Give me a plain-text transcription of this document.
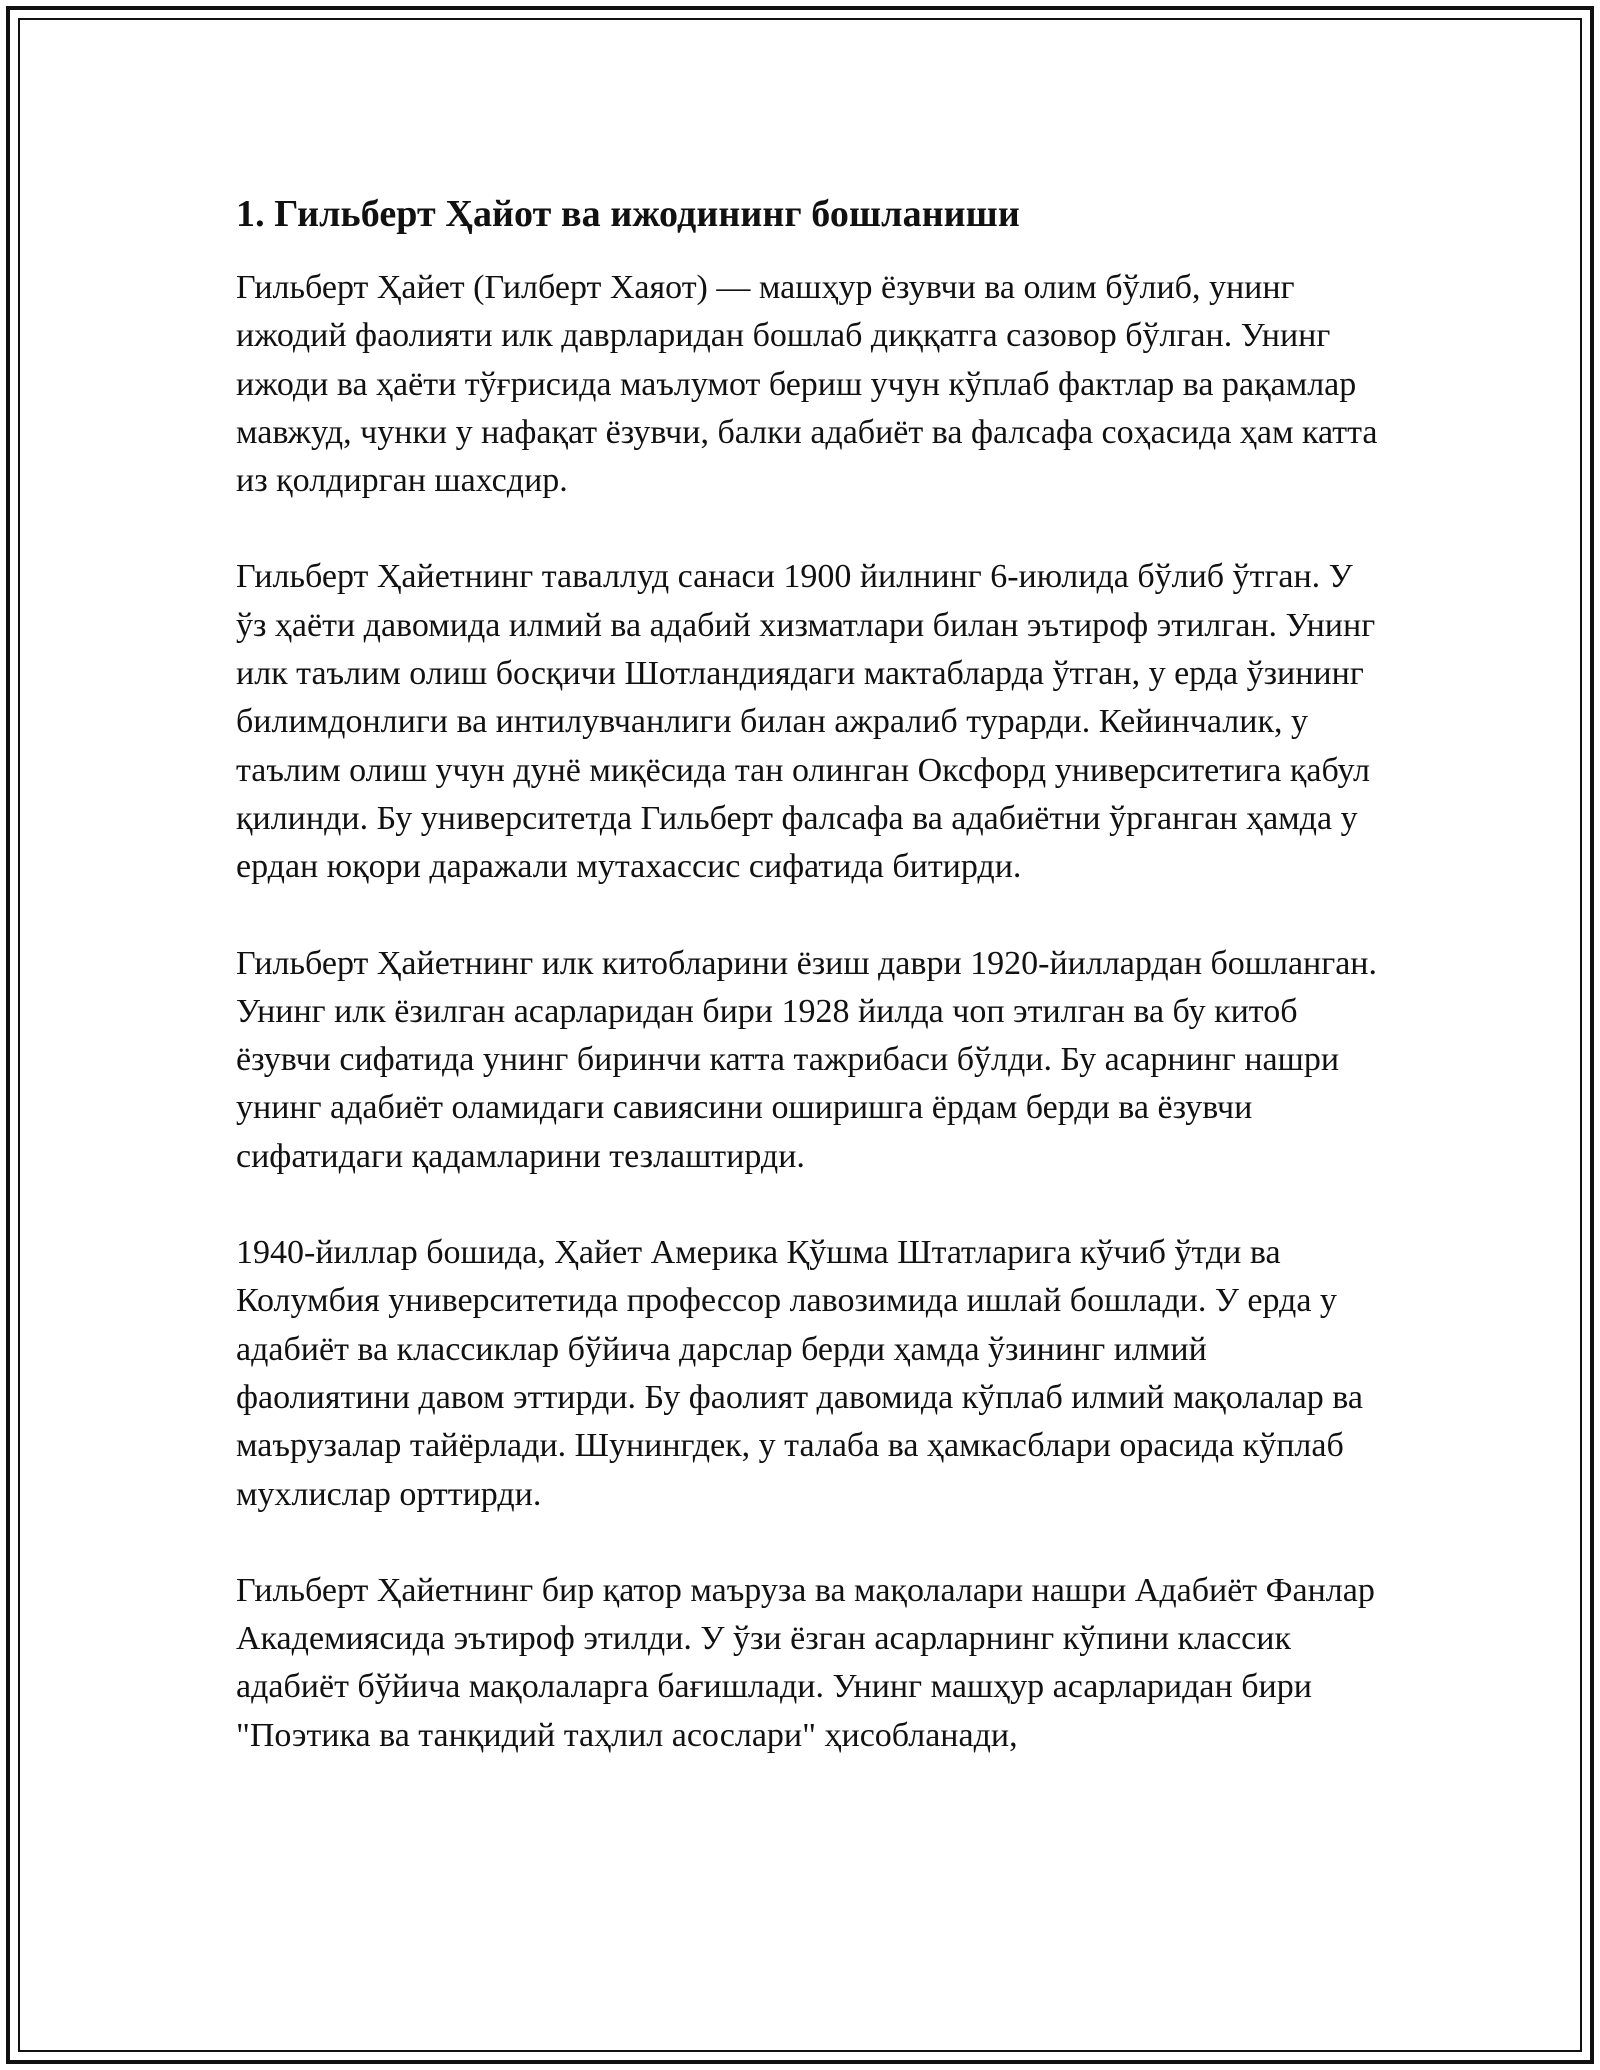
1. Гильберт Ҳайот ва ижодининг бошланиши

Гильберт Ҳайет (Гилберт Хаяот) — машҳур ёзувчи ва олим бўлиб, унинг ижодий фаолияти илк даврларидан бошлаб диққатга сазовор бўлган. Унинг ижоди ва ҳаёти тўғрисида маълумот бериш учун кўплаб фактлар ва рақамлар мавжуд, чунки у нафақат ёзувчи, балки адабиёт ва фалсафа соҳасида ҳам катта из қолдирган шахсдир.

Гильберт Ҳайетнинг таваллуд санаси 1900 йилнинг 6-июлида бўлиб ўтган. У ўз ҳаёти давомида илмий ва адабий хизматлари билан эътироф этилган. Унинг илк таълим олиш босқичи Шотландиядаги мактабларда ўтган, у ерда ўзининг билимдонлиги ва интилувчанлиги билан ажралиб турарди. Кейинчалик, у таълим олиш учун дунё миқёсида тан олинган Оксфорд университетига қабул қилинди. Бу университетда Гильберт фалсафа ва адабиётни ўрганган ҳамда у ердан юқори даражали мутахассис сифатида битирди.

Гильберт Ҳайетнинг илк китобларини ёзиш даври 1920-йиллардан бошланган. Унинг илк ёзилган асарларидан бири 1928 йилда чоп этилган ва бу китоб ёзувчи сифатида унинг биринчи катта тажрибаси бўлди. Бу асарнинг нашри унинг адабиёт оламидаги савиясини оширишга ёрдам берди ва ёзувчи сифатидаги қадамларини тезлаштирди.

1940-йиллар бошида, Ҳайет Америка Қўшма Штатларига кўчиб ўтди ва Колумбия университетида профессор лавозимида ишлай бошлади. У ерда у адабиёт ва классиклар бўйича дарслар берди ҳамда ўзининг илмий фаолиятини давом эттирди. Бу фаолият давомида кўплаб илмий мақолалар ва маърузалар тайёрлади. Шунингдек, у талаба ва ҳамкасблари орасида кўплаб мухлислар орттирди.

Гильберт Ҳайетнинг бир қатор маъруза ва мақолалари нашри Адабиёт Фанлар Академиясида эътироф этилди. У ўзи ёзган асарларнинг кўпини классик адабиёт бўйича мақолаларга бағишлади. Унинг машҳур асарларидан бири "Поэтика ва танқидий таҳлил асослари" ҳисобланади,
